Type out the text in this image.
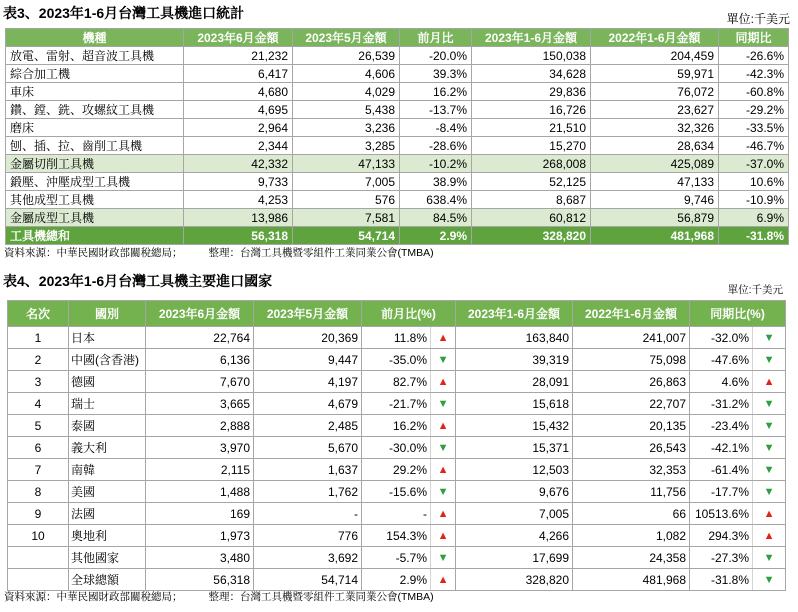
表3、2023年1-6月台灣工具機進口統計	單位:千美元
機種	2023年6月金額	2023年5月金額	前月比	2023年1-6月金額	2022年1-6月金額	同期比
放電、雷射、超音波工具機	21,232	26,539	-20.0%	150,038	204,459	-26.6%
綜合加工機	6,417	4,606	39.3%	34,628	59,971	-42.3%
車床	4,680	4,029	16.2%	29,836	76,072	-60.8%
鑽、鏜、銑、攻螺紋工具機	4,695	5,438	-13.7%	16,726	23,627	-29.2%
磨床	2,964	3,236	-8.4%	21,510	32,326	-33.5%
刨、插、拉、齒削工具機	2,344	3,285	-28.6%	15,270	28,634	-46.7%
金屬切削工具機	42,332	47,133	-10.2%	268,008	425,089	-37.0%
鍛壓、沖壓成型工具機	9,733	7,005	38.9%	52,125	47,133	10.6%
其他成型工具機	4,253	576	638.4%	8,687	9,746	-10.9%
金屬成型工具機	13,986	7,581	84.5%	60,812	56,879	6.9%
工具機總和	56,318	54,714	2.9%	328,820	481,968	-31.8%
資料來源：中華民國財政部關稅總局； 整理：台灣工具機暨零組件工業同業公會(TMBA)
表4、2023年1-6月台灣工具機主要進口國家
單位:千美元
名次	國別	2023年6月金額	2023年5月金額	前月比(%)		2023年1-6月金額	2022年1-6月金額	同期比(%)	
1	日本	22,764	20,369	11.8%	▲	163,840	241,007	-32.0%	▼
2	中國(含香港)	6,136	9,447	-35.0%	▼	39,319	75,098	-47.6%	▼
3	德國	7,670	4,197	82.7%	▲	28,091	26,863	4.6%	▲
4	瑞士	3,665	4,679	-21.7%	▼	15,618	22,707	-31.2%	▼
5	泰國	2,888	2,485	16.2%	▲	15,432	20,135	-23.4%	▼
6	義大利	3,970	5,670	-30.0%	▼	15,371	26,543	-42.1%	▼
7	南韓	2,115	1,637	29.2%	▲	12,503	32,353	-61.4%	▼
8	美國	1,488	1,762	-15.6%	▼	9,676	11,756	-17.7%	▼
9	法國	169	-	-	▲	7,005	66	10513.6%	▲
10	奧地利	1,973	776	154.3%	▲	4,266	1,082	294.3%	▲
	其他國家	3,480	3,692	-5.7%	▼	17,699	24,358	-27.3%	▼
	全球總額	56,318	54,714	2.9%	▲	328,820	481,968	-31.8%	▼
資料來源：中華民國財政部關稅總局； 整理：台灣工具機暨零組件工業同業公會(TMBA)
